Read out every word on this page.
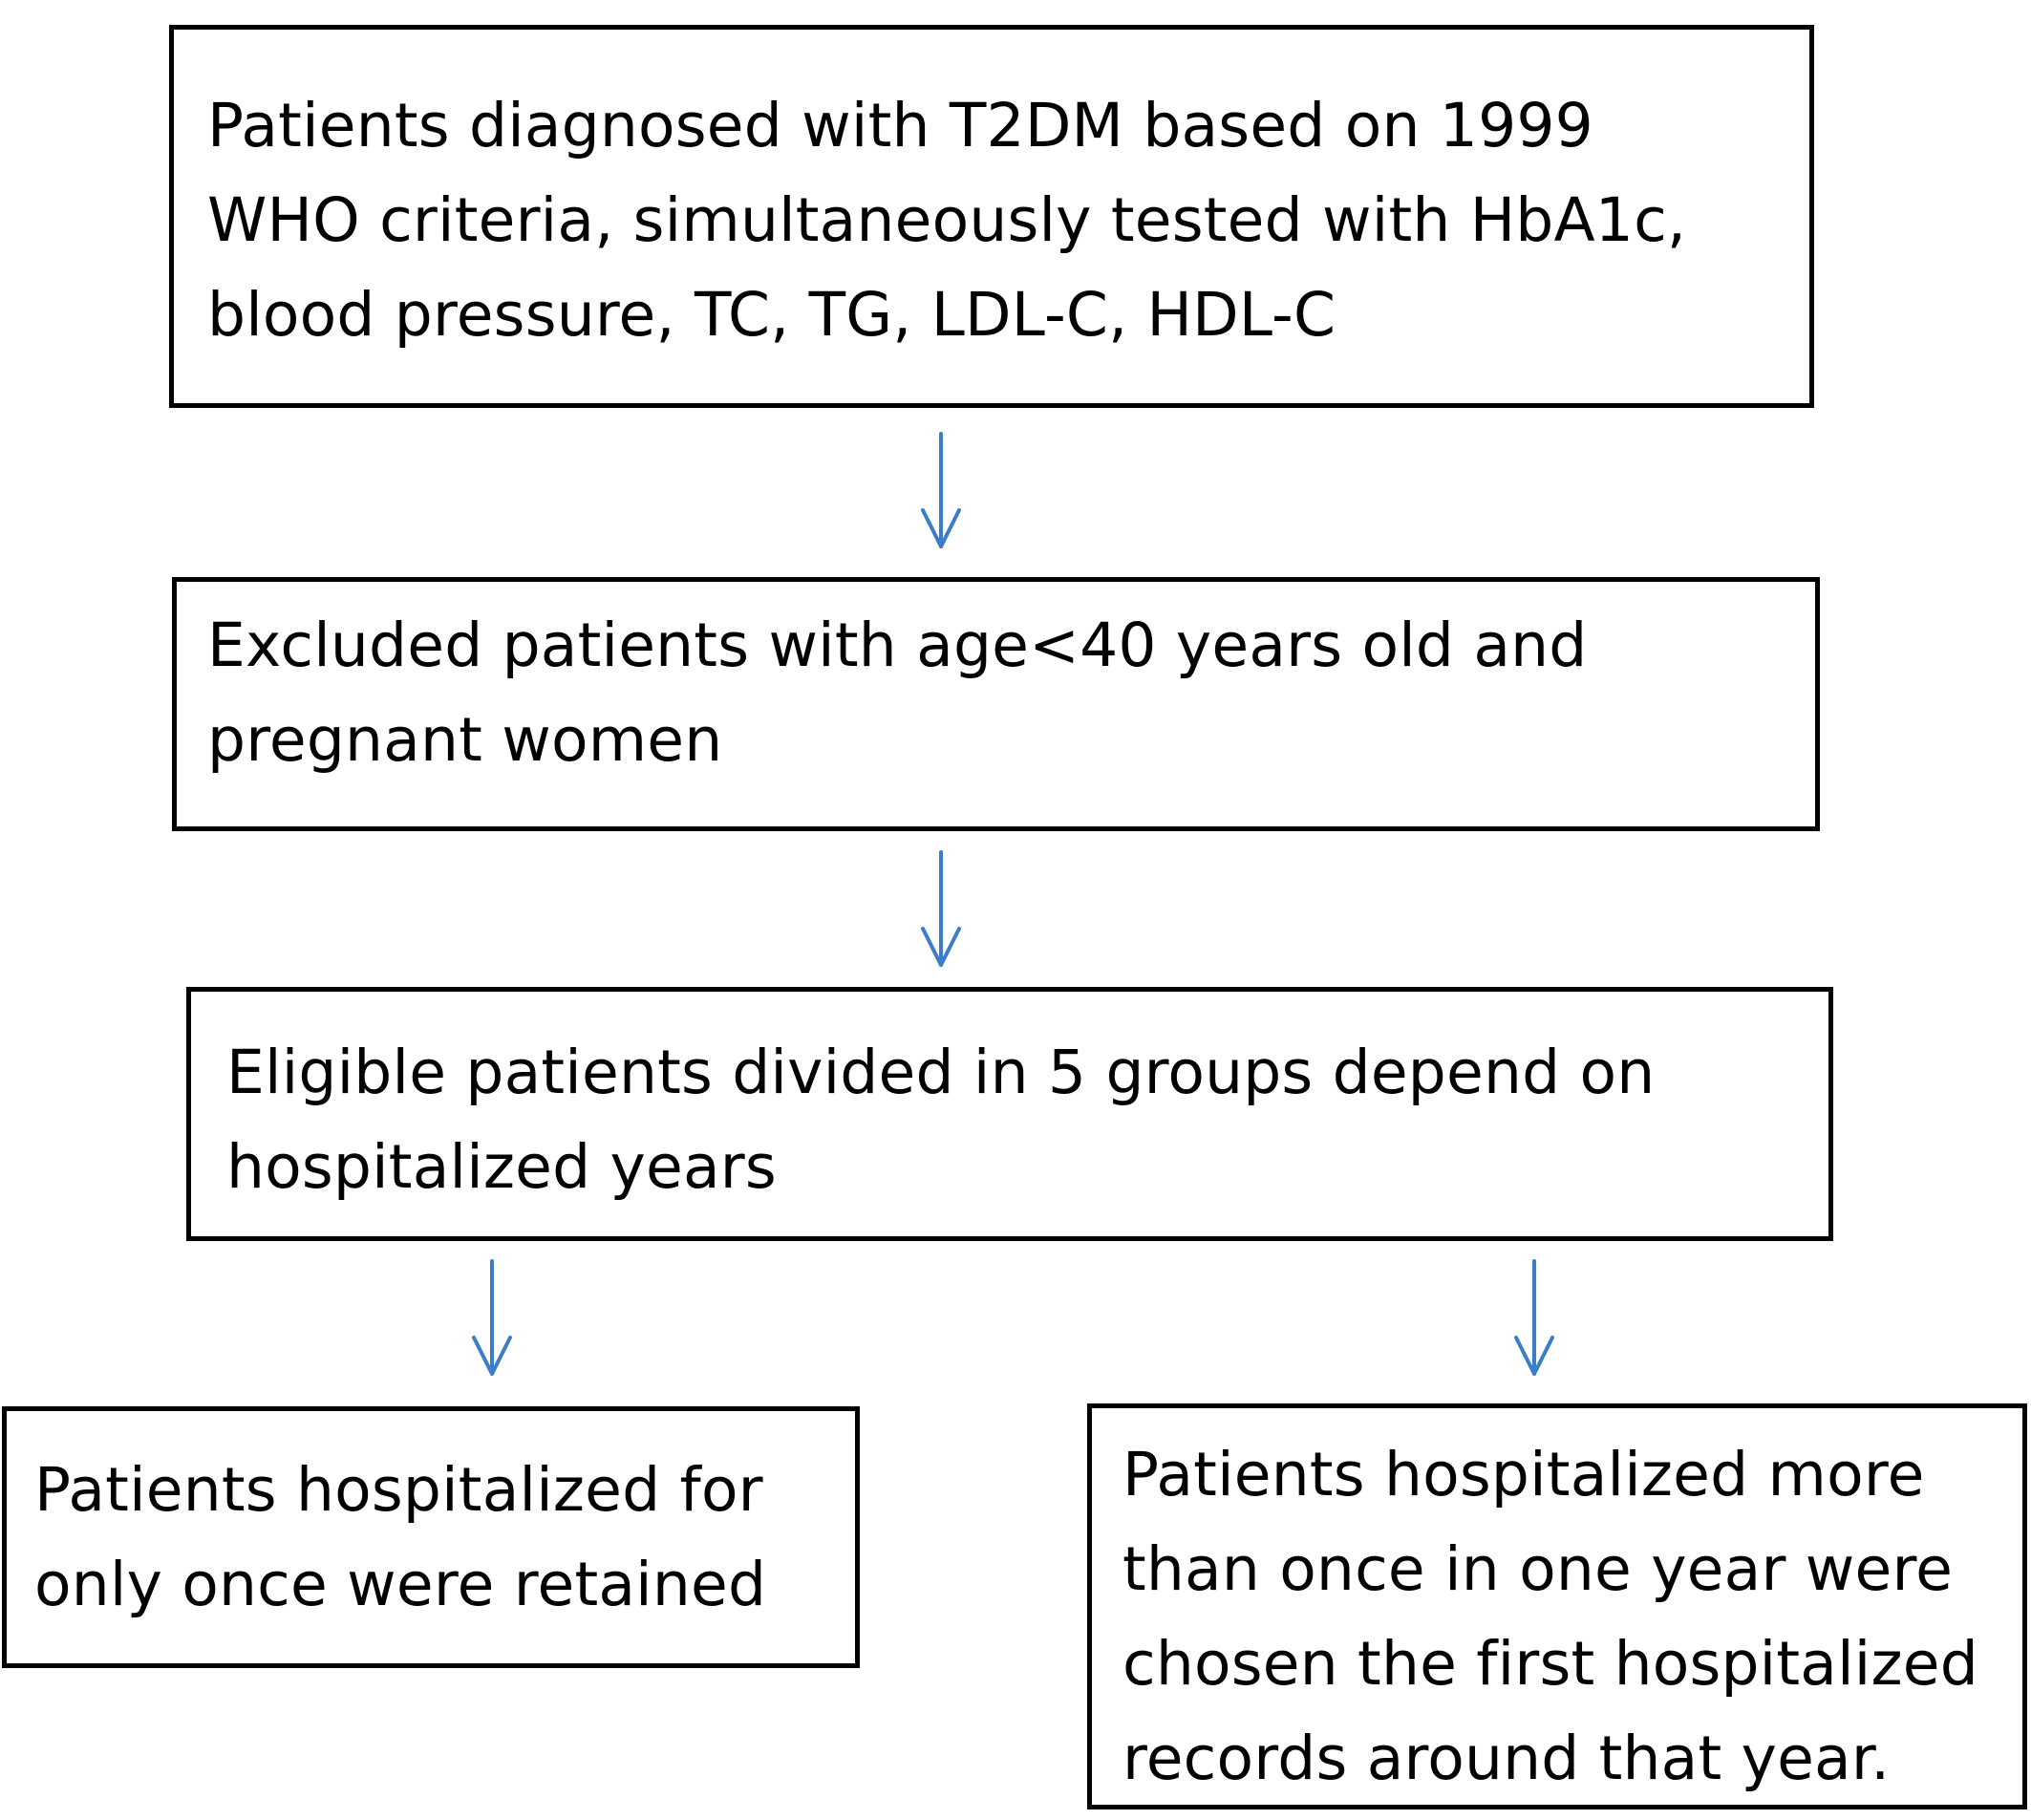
Patients diagnosed with T2DM based on 1999

WHO criteria, simultaneously tested with HbA1c,

blood pressure, TC, TG, LDL-C, HDL-C

Excluded patients with age<40 years old and

pregnant women

Eligible patients divided in 5 groups depend on

hospitalized years

Patients hospitalized for

only once were retained

Patients hospitalized more

than once in one year were

chosen the first hospitalized

records around that year.
